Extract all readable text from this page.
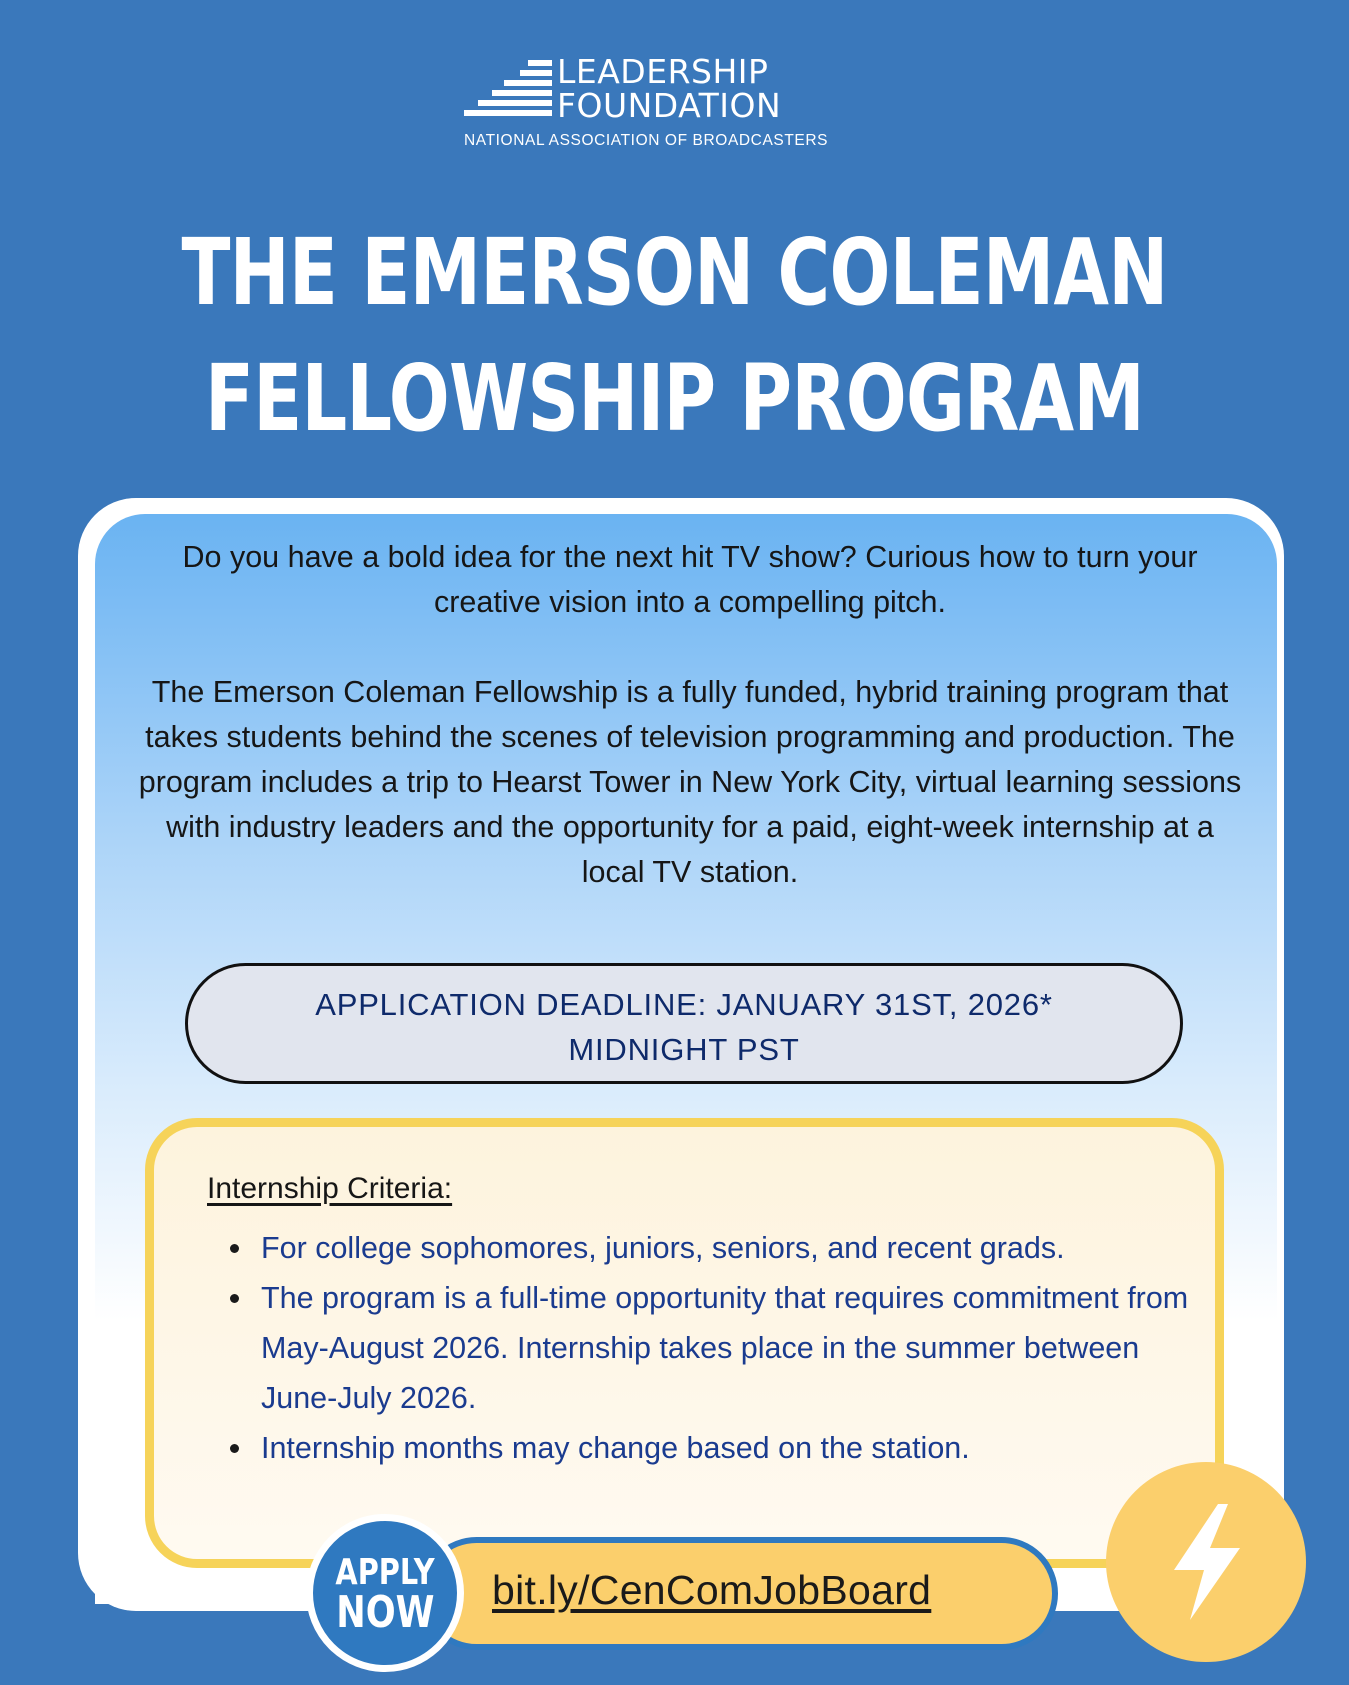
LEADERSHIP
FOUNDATION
NATIONAL ASSOCIATION OF BROADCASTERS
THE EMERSON COLEMAN
FELLOWSHIP PROGRAM

Do you have a bold idea for the next hit TV show? Curious how to turn your creative vision into a compelling pitch.

The Emerson Coleman Fellowship is a fully funded, hybrid training program that takes students behind the scenes of television programming and production. The program includes a trip to Hearst Tower in New York City, virtual learning sessions with industry leaders and the opportunity for a paid, eight-week internship at a local TV station.

APPLICATION DEADLINE: JANUARY 31ST, 2026*
MIDNIGHT PST
Internship Criteria:
For college sophomores, juniors, seniors, and recent grads.
The program is a full-time opportunity that requires commitment from May-August 2026. Internship takes place in the summer between June-July 2026.
Internship months may change based on the station.
bit.ly/CenComJobBoard
APPLY
NOW
